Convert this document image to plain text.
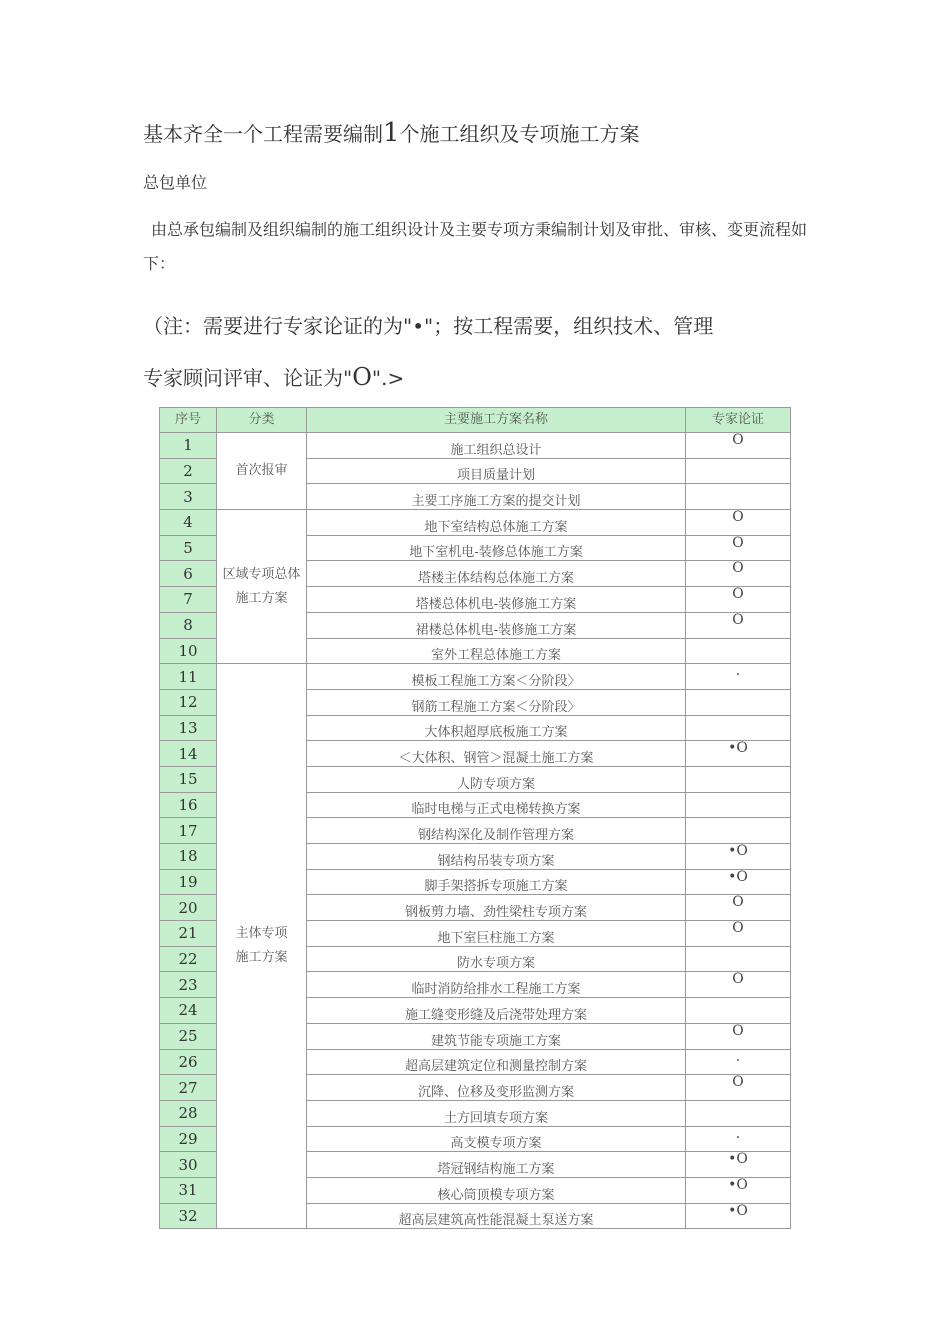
基本齐全一个工程需要编制1个施工组织及专项施工方案
总包单位
由总承包编制及组织编制的施工组织设计及主要专项方秉编制计划及审批、审核、变更流程如下：
（注：需要进行专家论证的为"•"；按工程需要，组织技术、管理
专家顾问评审、论证为"O".>
序号	分类	主要施工方案名称	专家论证
1	首次报审	施工组织总设计	O
2		项目质量计划	
3		主要工序施工方案的提交计划	
4	区域专项总体施工方案	地下室结构总体施工方案	O
5		地下室机电-装修总体施工方案	O
6		塔楼主体结构总体施工方案	O
7		塔楼总体机电-装修施工方案	O
8		裙楼总体机电-装修施工方案	O
10		室外工程总体施工方案	
11	主体专项施工方案	模板工程施工方案＜分阶段〉	.
12		钢筋工程施工方案＜分阶段〉	
13		大体积超厚底板施工方案	
14		＜大体积、钢管＞混凝土施工方案	•O
15		人防专项方案	
16		临时电梯与正式电梯转换方案	
17		钢结构深化及制作管理方案	
18		钢结构吊装专项方案	•O
19		脚手架搭拆专项施工方案	•O
20		钢板剪力墙、劲性梁柱专项方案	O
21		地下室巨柱施工方案	O
22		防水专项方案	
23		临时消防给排水工程施工方案	O
24		施工缝变形缝及后浇带处理方案	
25		建筑节能专项施工方案	O
26		超高层建筑定位和测量控制方案	.
27		沉降、位移及变形监测方案	O
28		土方回填专项方案	
29		高支模专项方案	.
30		塔冠钢结构施工方案	•O
31		核心筒顶模专项方案	•O
32		超高层建筑高性能混凝土泵送方案	•O
